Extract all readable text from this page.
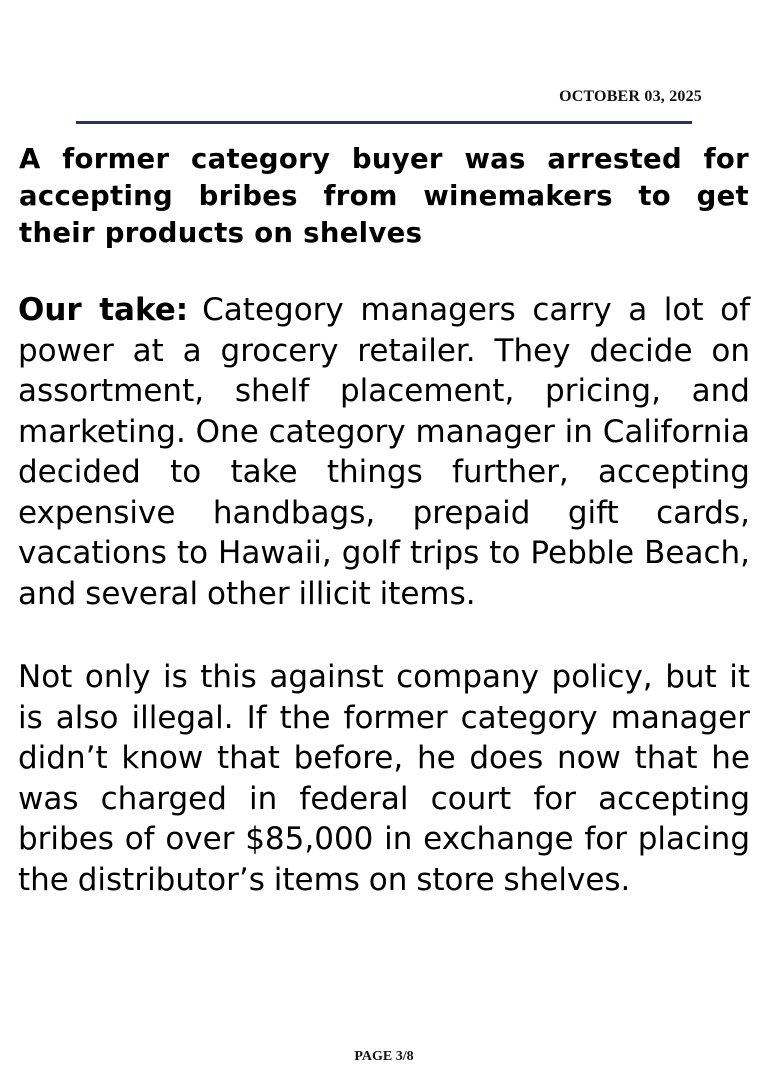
OCTOBER 03, 2025
A former category buyer was arrested for accepting bribes from winemakers to get their products on shelves

Our take: Category managers carry a lot of power at a grocery retailer. They decide on assortment, shelf placement, pricing, and marketing. One category manager in California decided to take things further, accepting expensive handbags, prepaid gift cards, vacations to Hawaii, golf trips to Pebble Beach, and several other illicit items.

Not only is this against company policy, but it is also illegal. If the former category manager didn’t know that before, he does now that he was charged in federal court for accepting bribes of over $85,000 in exchange for placing the distributor’s items on store shelves.

PAGE 3/8
